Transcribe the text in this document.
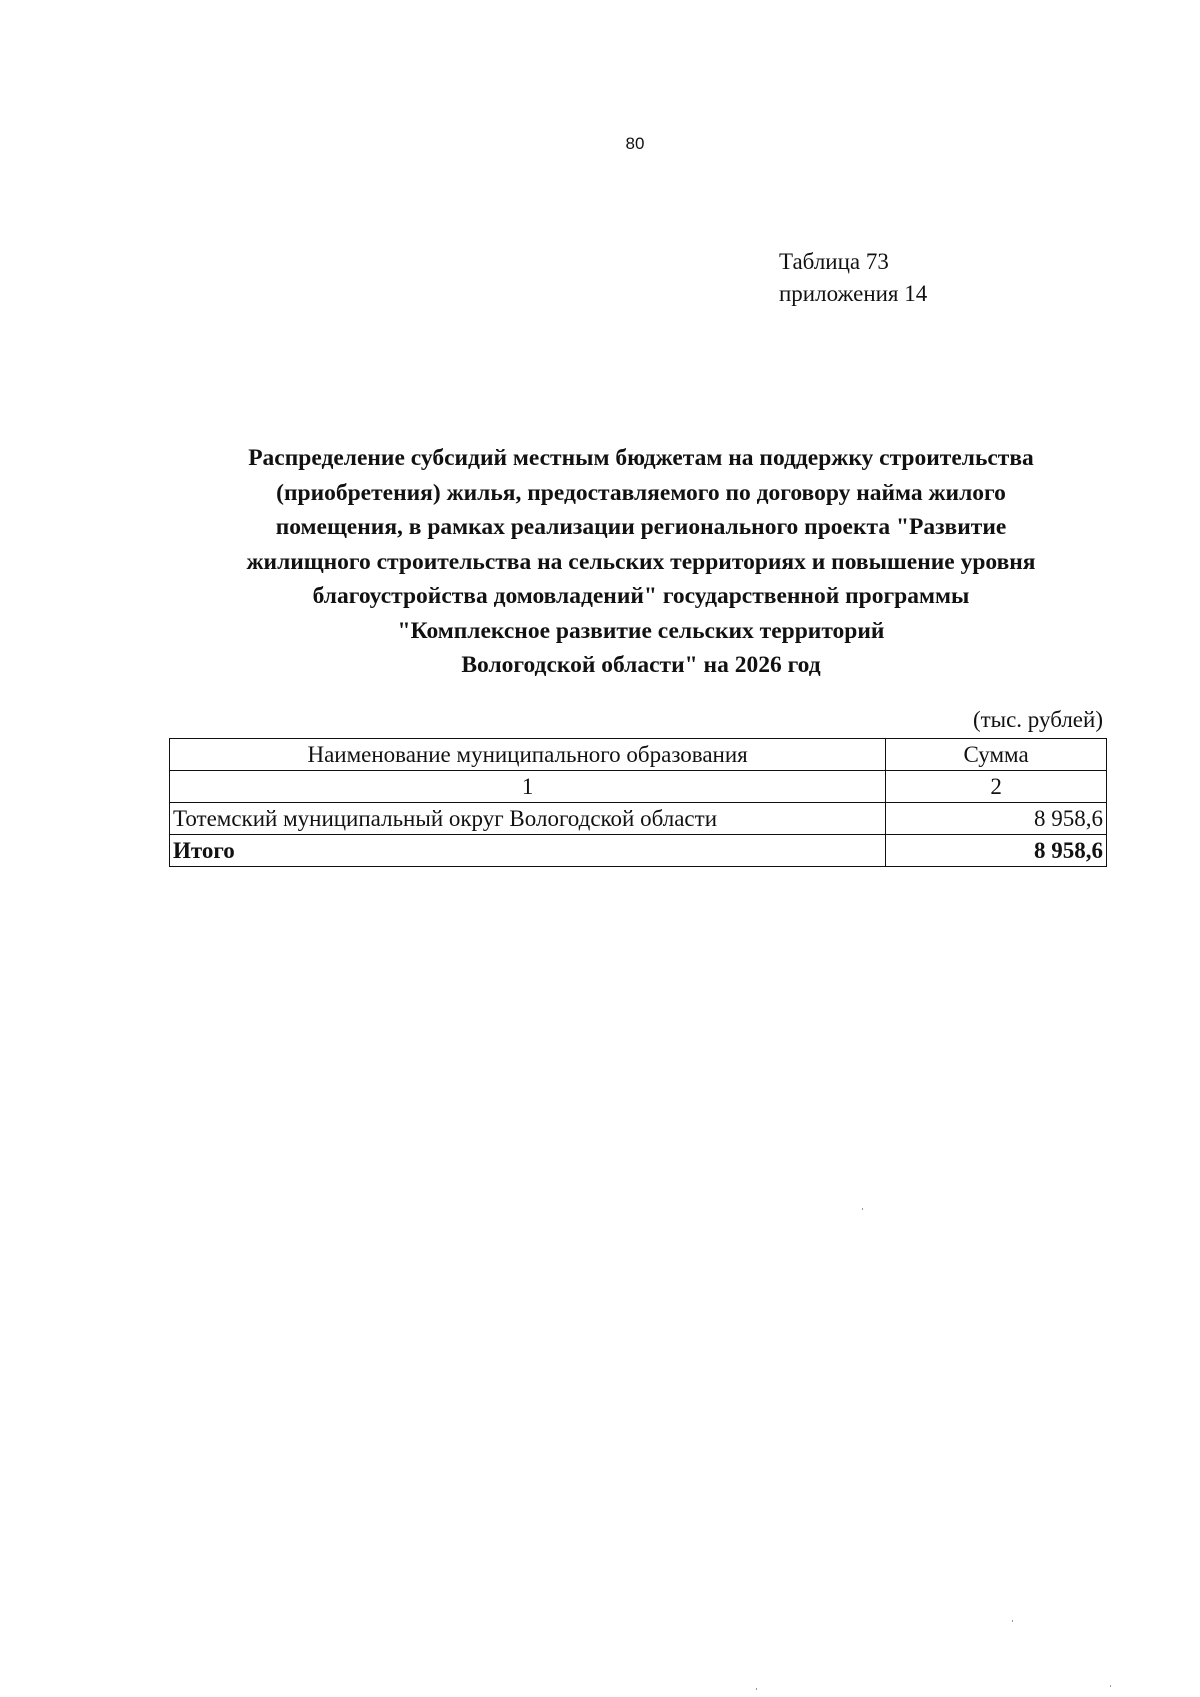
80
Таблица 73
приложения 14
Распределение субсидий местным бюджетам на поддержку строительства
(приобретения) жилья, предоставляемого по договору найма жилого
помещения, в рамках реализации регионального проекта "Развитие
жилищного строительства на сельских территориях и повышение уровня
благоустройства домовладений" государственной программы
"Комплексное развитие сельских территорий
Вологодской области" на 2026 год
(тыс. рублей)
Наименование муниципального образования	Сумма
1	2
Тотемский муниципальный округ Вологодской области	8 958,6
Итого	8 958,6
